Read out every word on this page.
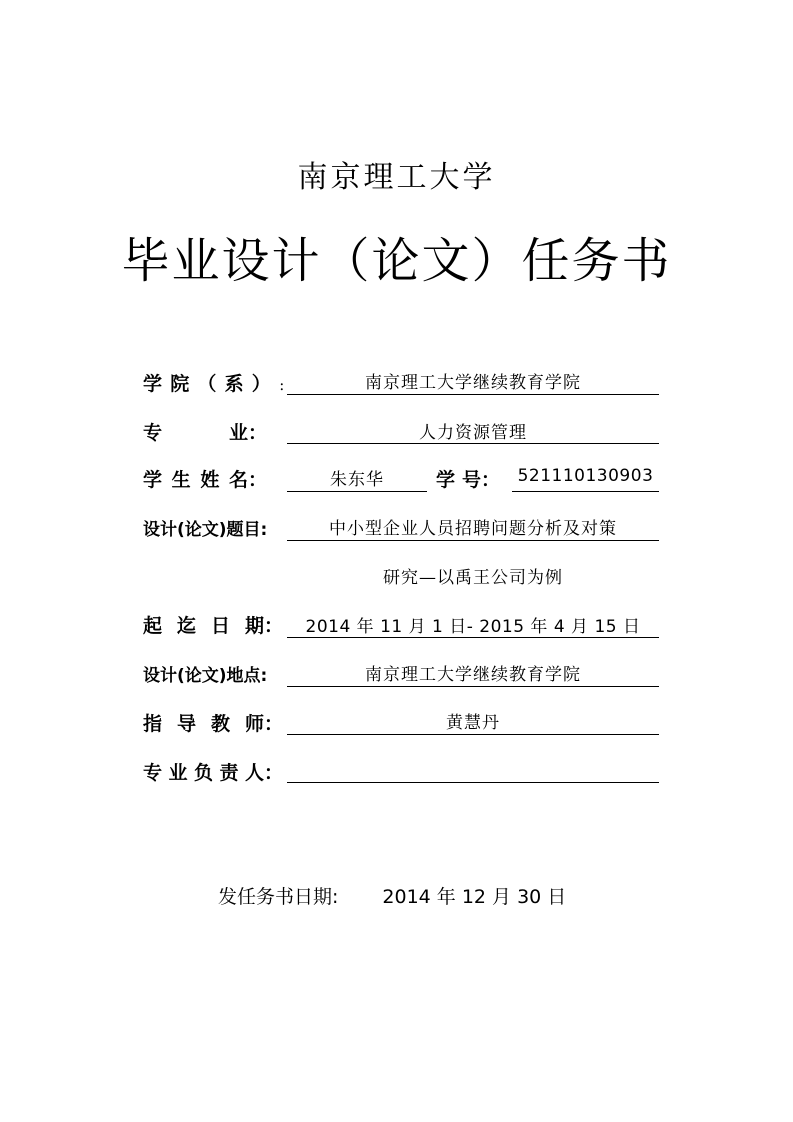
南京理工大学
毕业设计（论文）任务书
学 院 （ 系 ） ：	南京理工大学继续教育学院
专	业：	人力资源管理
学 生 姓 名：	朱东华	学 号：	521110130903
设计(论文)题目:	中小型企业人员招聘问题分析及对策
研究—以禹王公司为例
起 迄 日 期：	2014 年 11 月 1 日- 2015 年 4 月 15 日
设计(论文)地点:	南京理工大学继续教育学院
指 导 教 师：	黄慧丹
专 业 负 责 人：
发任务书日期: 2014 年 12 月 30 日
